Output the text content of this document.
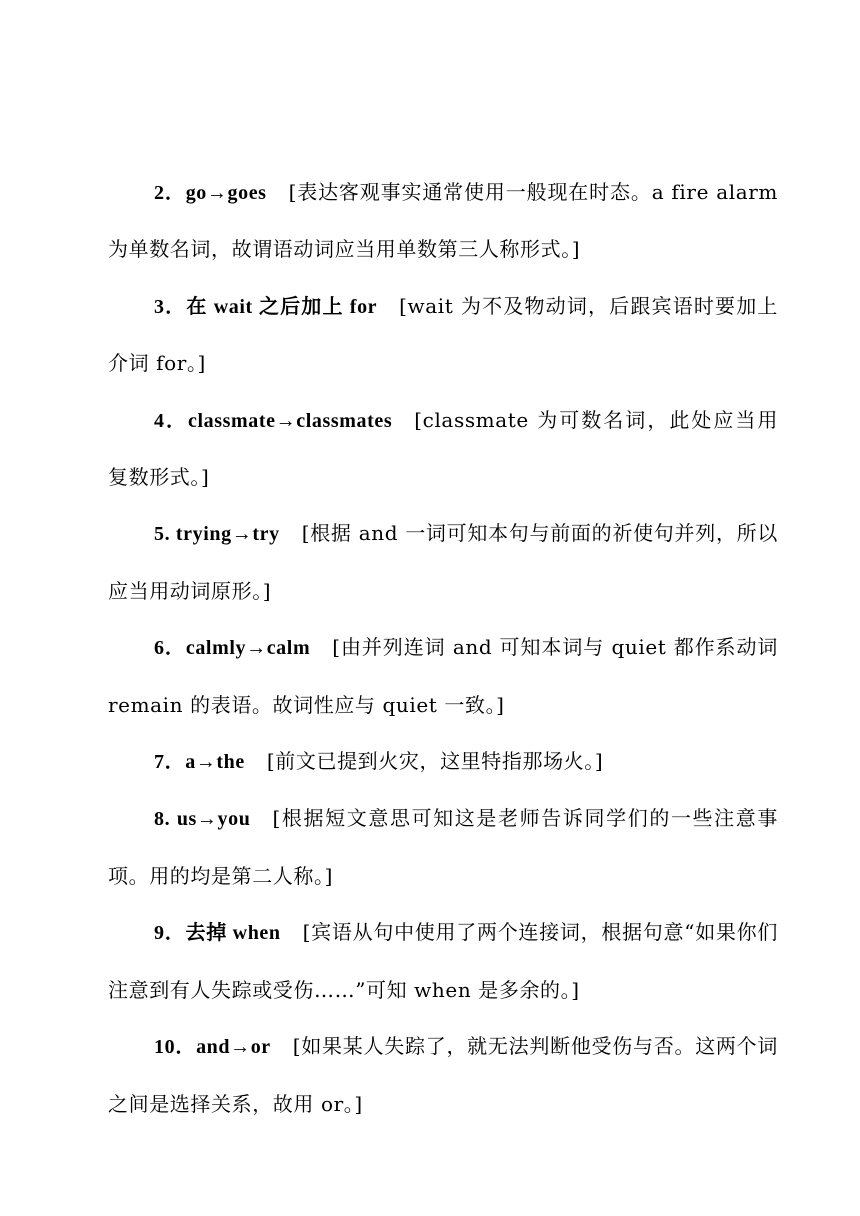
2．go→goes [表达客观事实通常使用一般现在时态。a fire alarm 为单数名词，故谓语动词应当用单数第三人称形式。]

3．在 wait 之后加上 for [wait 为不及物动词，后跟宾语时要加上介词 for。]

4．classmate→classmates [classmate 为可数名词，此处应当用复数形式。]

5. trying→try [根据 and 一词可知本句与前面的祈使句并列，所以应当用动词原形。]

6．calmly→calm [由并列连词 and 可知本词与 quiet 都作系动词 remain 的表语。故词性应与 quiet 一致。]

7．a→the [前文已提到火灾，这里特指那场火。]

8. us→you [根据短文意思可知这是老师告诉同学们的一些注意事项。用的均是第二人称。]

9．去掉 when [宾语从句中使用了两个连接词，根据句意“如果你们注意到有人失踪或受伤……”可知 when 是多余的。]

10．and→or [如果某人失踪了，就无法判断他受伤与否。这两个词之间是选择关系，故用 or。]
